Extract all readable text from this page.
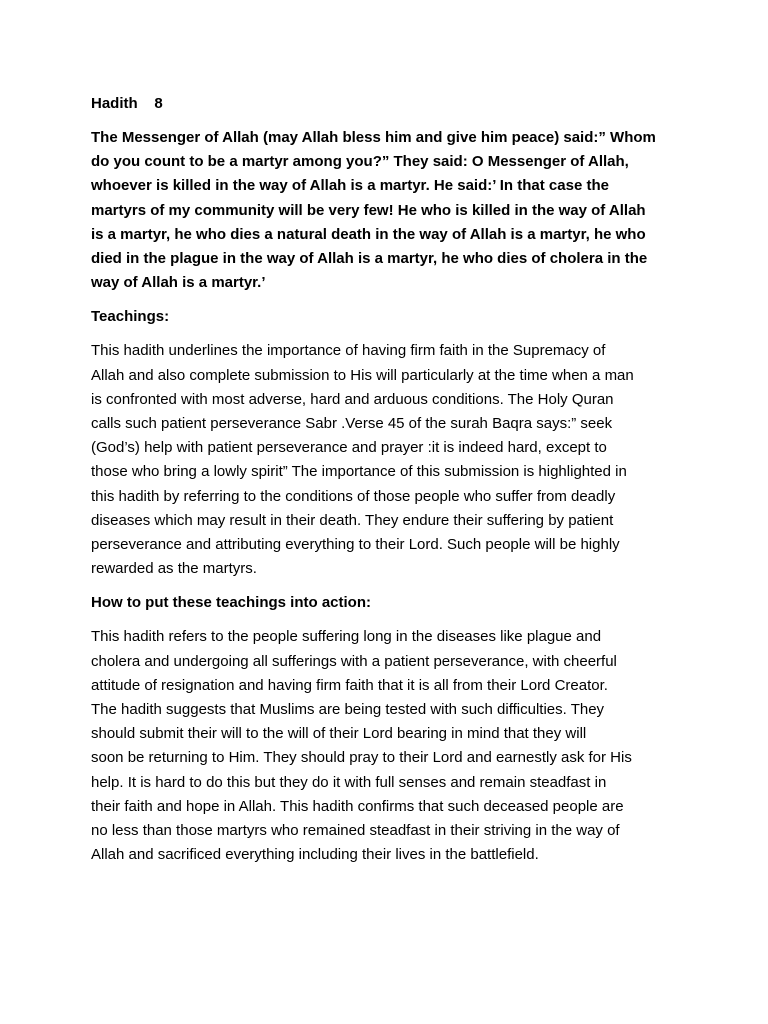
Hadith    8
The Messenger of Allah (may Allah bless him and give him peace) said:” Whom
do you count to be a martyr among you?” They said: O Messenger of Allah,
whoever is killed in the way of Allah is a martyr. He said:’ In that case the
martyrs of my community will be very few! He who is killed in the way of Allah
is a martyr, he who dies a natural death in the way of Allah is a martyr, he who
died in the plague in the way of Allah is a martyr, he who dies of cholera in the
way of Allah is a martyr.’
Teachings:
This hadith underlines the importance of having firm faith in the Supremacy of
Allah and also complete submission to His will particularly at the time when a man
is confronted with most adverse, hard and arduous conditions. The Holy Quran
calls such patient perseverance Sabr .Verse 45 of the surah Baqra says:” seek
(God’s) help with patient perseverance and prayer :it is indeed hard, except to
those who bring a lowly spirit” The importance of this submission is highlighted in
this hadith by referring to the conditions of those people who suffer from deadly
diseases which may result in their death. They endure their suffering by patient
perseverance and attributing everything to their Lord. Such people will be highly
rewarded as the martyrs.
How to put these teachings into action:
This hadith refers to the people suffering long in the diseases like plague and
cholera and undergoing all sufferings with a patient perseverance, with cheerful
attitude of resignation and having firm faith that it is all from their Lord Creator.
The hadith suggests that Muslims are being tested with such difficulties. They
should submit their will to the will of their Lord bearing in mind that they will
soon be returning to Him. They should pray to their Lord and earnestly ask for His
help. It is hard to do this but they do it with full senses and remain steadfast in
their faith and hope in Allah. This hadith confirms that such deceased people are
no less than those martyrs who remained steadfast in their striving in the way of
Allah and sacrificed everything including their lives in the battlefield.
